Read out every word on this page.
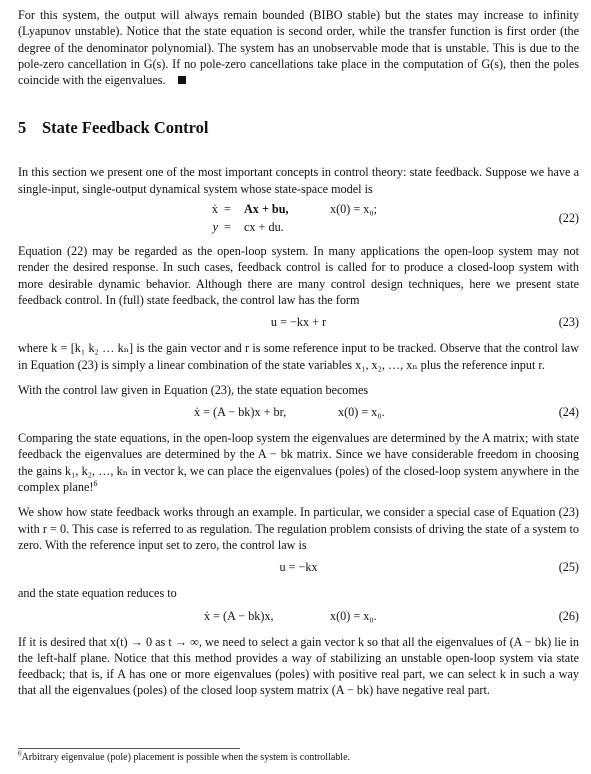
For this system, the output will always remain bounded (BIBO stable) but the states may increase to infinity (Lyapunov unstable). Notice that the state equation is second order, while the transfer function is first order (the degree of the denominator polynomial). The system has an unobservable mode that is unstable. This is due to the pole-zero cancellation in G(s). If no pole-zero cancellations take place in the computation of G(s), then the poles coincide with the eigenvalues.

5 State Feedback Control

In this section we present one of the most important concepts in control theory: state feedback. Suppose we have a single-input, single-output dynamical system whose state-space model is

ẋ = Ax + bu,	x(0) = x₀;
y = cx + du.
(22)

Equation (22) may be regarded as the open-loop system. In many applications the open-loop system may not render the desired response. In such cases, feedback control is called for to produce a closed-loop system with more desirable dynamic behavior. Although there are many control design techniques, here we present state feedback control. In (full) state feedback, the control law has the form

u = −kx + r	(23)

where k = [k₁ k₂ … kₙ] is the gain vector and r is some reference input to be tracked. Observe that the control law in Equation (23) is simply a linear combination of the state variables x₁, x₂, …, xₙ plus the reference input r.

With the control law given in Equation (23), the state equation becomes

ẋ = (A − bk)x + br,	x(0) = x₀.	(24)

Comparing the state equations, in the open-loop system the eigenvalues are determined by the A matrix; with state feedback the eigenvalues are determined by the A − bk matrix. Since we have considerable freedom in choosing the gains k₁, k₂, …, kₙ in vector k, we can place the eigenvalues (poles) of the closed-loop system anywhere in the complex plane!$^6$

We show how state feedback works through an example. In particular, we consider a special case of Equation (23) with r = 0. This case is referred to as regulation. The regulation problem consists of driving the state of a system to zero. With the reference input set to zero, the control law is

u = −kx	(25)

and the state equation reduces to

ẋ = (A − bk)x,	x(0) = x₀.	(26)

If it is desired that x(t) → 0 as t → ∞, we need to select a gain vector k so that all the eigenvalues of (A − bk) lie in the left-half plane. Notice that this method provides a way of stabilizing an unstable open-loop system via state feedback; that is, if A has one or more eigenvalues (poles) with positive real part, we can select k in such a way that all the eigenvalues (poles) of the closed loop system matrix (A − bk) have negative real part.

$^6$Arbitrary eigenvalue (pole) placement is possible when the system is controllable.
